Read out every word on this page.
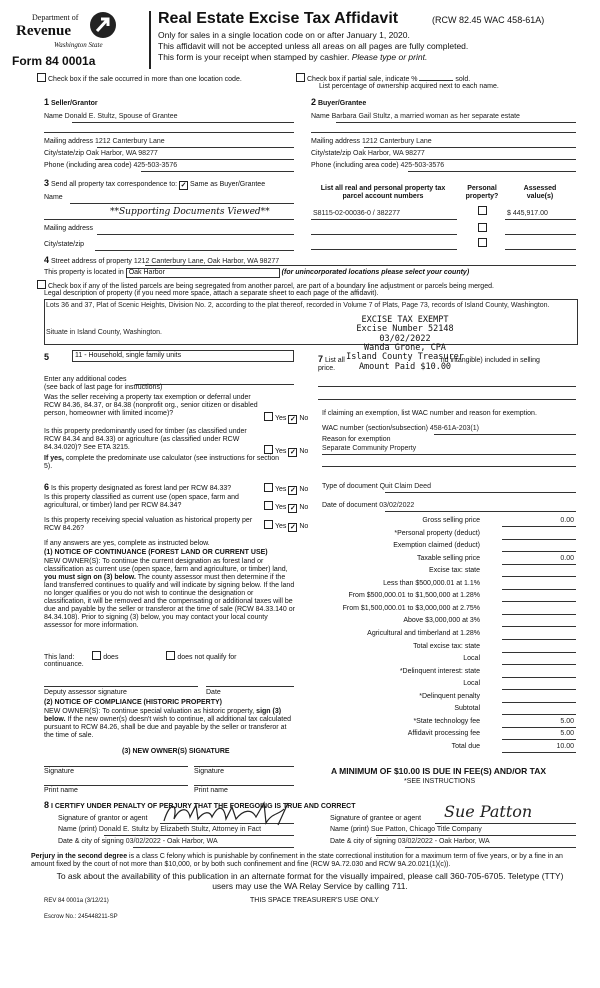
Department of
Revenue
Washington State
Form 84 0001a
Real Estate Excise Tax Affidavit	(RCW 82.45 WAC 458-61A)
Only for sales in a single location code on or after January 1, 2020.
This affidavit will not be accepted unless all areas on all pages are fully completed.
This form is your receipt when stamped by cashier. Please type or print.
Check box if the sale occurred in more than one location code.	Check box if partial sale, indicate %	sold.
List percentage of ownership acquired next to each name.
1 Seller/Grantor	2 Buyer/Grantee
Name Donald E. Stultz, Spouse of Grantee	Name Barbara Gail Stultz, a married woman as her separate estate
Mailing address 1212 Canterbury Lane
City/state/zip Oak Harbor, WA 98277
Phone (including area code) 425-503-3576
Mailing address 1212 Canterbury Lane
City/state/zip Oak Harbor, WA 98277
Phone (including area code) 425-503-3576
3 Send all property tax correspondence to: ✓ Same as Buyer/Grantee
Name
**Supporting Documents Viewed**
Mailing address
City/state/zip
List all real and personal property tax parcel account numbers
Personal property?
Assessed value(s)
S8115-02-00036-0 / 382277	$ 445,917.00
4 Street address of property 1212 Canterbury Lane, Oak Harbor, WA 98277
This property is located in Oak Harbor	(for unincorporated locations please select your county)
Check box if any of the listed parcels are being segregated from another parcel, are part of a boundary line adjustment or parcels being merged.
Legal description of property (if you need more space, attach a separate sheet to each page of the affidavit).
Lots 36 and 37, Plat of Scenic Heights, Division No. 2, according to the plat thereof, recorded in Volume 7 of Plats, Page 73, records of Island County, Washington.
Situate in Island County, Washington.
EXCISE TAX EXEMPT
Excise Number 52148
03/02/2022
Wanda Grone, CPA
Island County Treasurer
Amount Paid $10.00
5	11 - Household, single family units
Enter any additional codes
(see back of last page for instructions)
Was the seller receiving a property tax exemption or deferral under RCW 84.36, 84.37, or 84.38 (nonprofit org., senior citizen or disabled person, homeowner with limited income)?
Yes ✓ No
Is this property predominantly used for timber (as classified under RCW 84.34 and 84.33) or agriculture (as classified under RCW 84.34.020)? See ETA 3215.
Yes ✓ No
If yes, complete the predominate use calculator (see instructions for section 5).
7 List all	nd intangible) included in selling
price.
If claiming an exemption, list WAC number and reason for exemption.
WAC number (section/subsection) 458-61A-203(1)
Reason for exemption
Separate Community Property
6 Is this property designated as forest land per RCW 84.33?	Yes ✓ No
Is this property classified as current use (open space, farm and agricultural, or timber) land per RCW 84.34?	Yes ✓ No
Is this property receiving special valuation as historical property per RCW 84.26?	Yes ✓ No
If any answers are yes, complete as instructed below.
(1) NOTICE OF CONTINUANCE (FOREST LAND OR CURRENT USE)
NEW OWNER(S): To continue the current designation as forest land or classification as current use (open space, farm and agriculture, or timber) land, you must sign on (3) below. The county assessor must then determine if the land transferred continues to qualify and will indicate by signing below. If the land no longer qualifies or you do not wish to continue the designation or classification, it will be removed and the compensating or additional taxes will be due and payable by the seller or transferor at the time of sale (RCW 84.33.140 or 84.34.108). Prior to signing (3) below, you may contact your local county assessor for more information.
This land:	does	does not qualify for
continuance.
Deputy assessor signature	Date
(2) NOTICE OF COMPLIANCE (HISTORIC PROPERTY)
NEW OWNER(S): To continue special valuation as historic property, sign (3) below. If the new owner(s) doesn't wish to continue, all additional tax calculated pursuant to RCW 84.26, shall be due and payable by the seller or transferor at the time of sale.
(3) NEW OWNER(S) SIGNATURE
Signature	Signature
Print name	Print name
Type of document Quit Claim Deed
Date of document 03/02/2022
Gross selling price	0.00
*Personal property (deduct)
Exemption claimed (deduct)
Taxable selling price	0.00
Excise tax: state
Less than $500,000.01 at 1.1%
From $500,000.01 to $1,500,000 at 1.28%
From $1,500,000.01 to $3,000,000 at 2.75%
Above $3,000,000 at 3%
Agricultural and timberland at 1.28%
Total excise tax: state
Local
*Delinquent interest: state
Local
*Delinquent penalty
Subtotal
*State technology fee	5.00
Affidavit processing fee	5.00
Total due	10.00
A MINIMUM OF $10.00 IS DUE IN FEE(S) AND/OR TAX
*SEE INSTRUCTIONS
8 I CERTIFY UNDER PENALTY OF PERJURY THAT THE FOREGOING IS TRUE AND CORRECT
Signature of grantor or agent
Name (print) Donald E. Stultz by Elizabeth Stultz, Attorney in Fact
Date & city of signing 03/02/2022 - Oak Harbor, WA
Signature of grantee or agent Sue Patton
Name (print) Sue Patton, Chicago Title Company
Date & city of signing 03/02/2022 - Oak Harbor, WA
Perjury in the second degree is a class C felony which is punishable by confinement in the state correctional institution for a maximum term of five years, or by a fine in an amount fixed by the court of not more than $10,000, or by both such confinement and fine (RCW 9A.72.030 and RCW 9A.20.021(1)(c)).
To ask about the availability of this publication in an alternate format for the visually impaired, please call 360-705-6705. Teletype (TTY) users may use the WA Relay Service by calling 711.
REV 84 0001a (3/12/21)	THIS SPACE TREASURER'S USE ONLY
Escrow No.: 245448211-SP
